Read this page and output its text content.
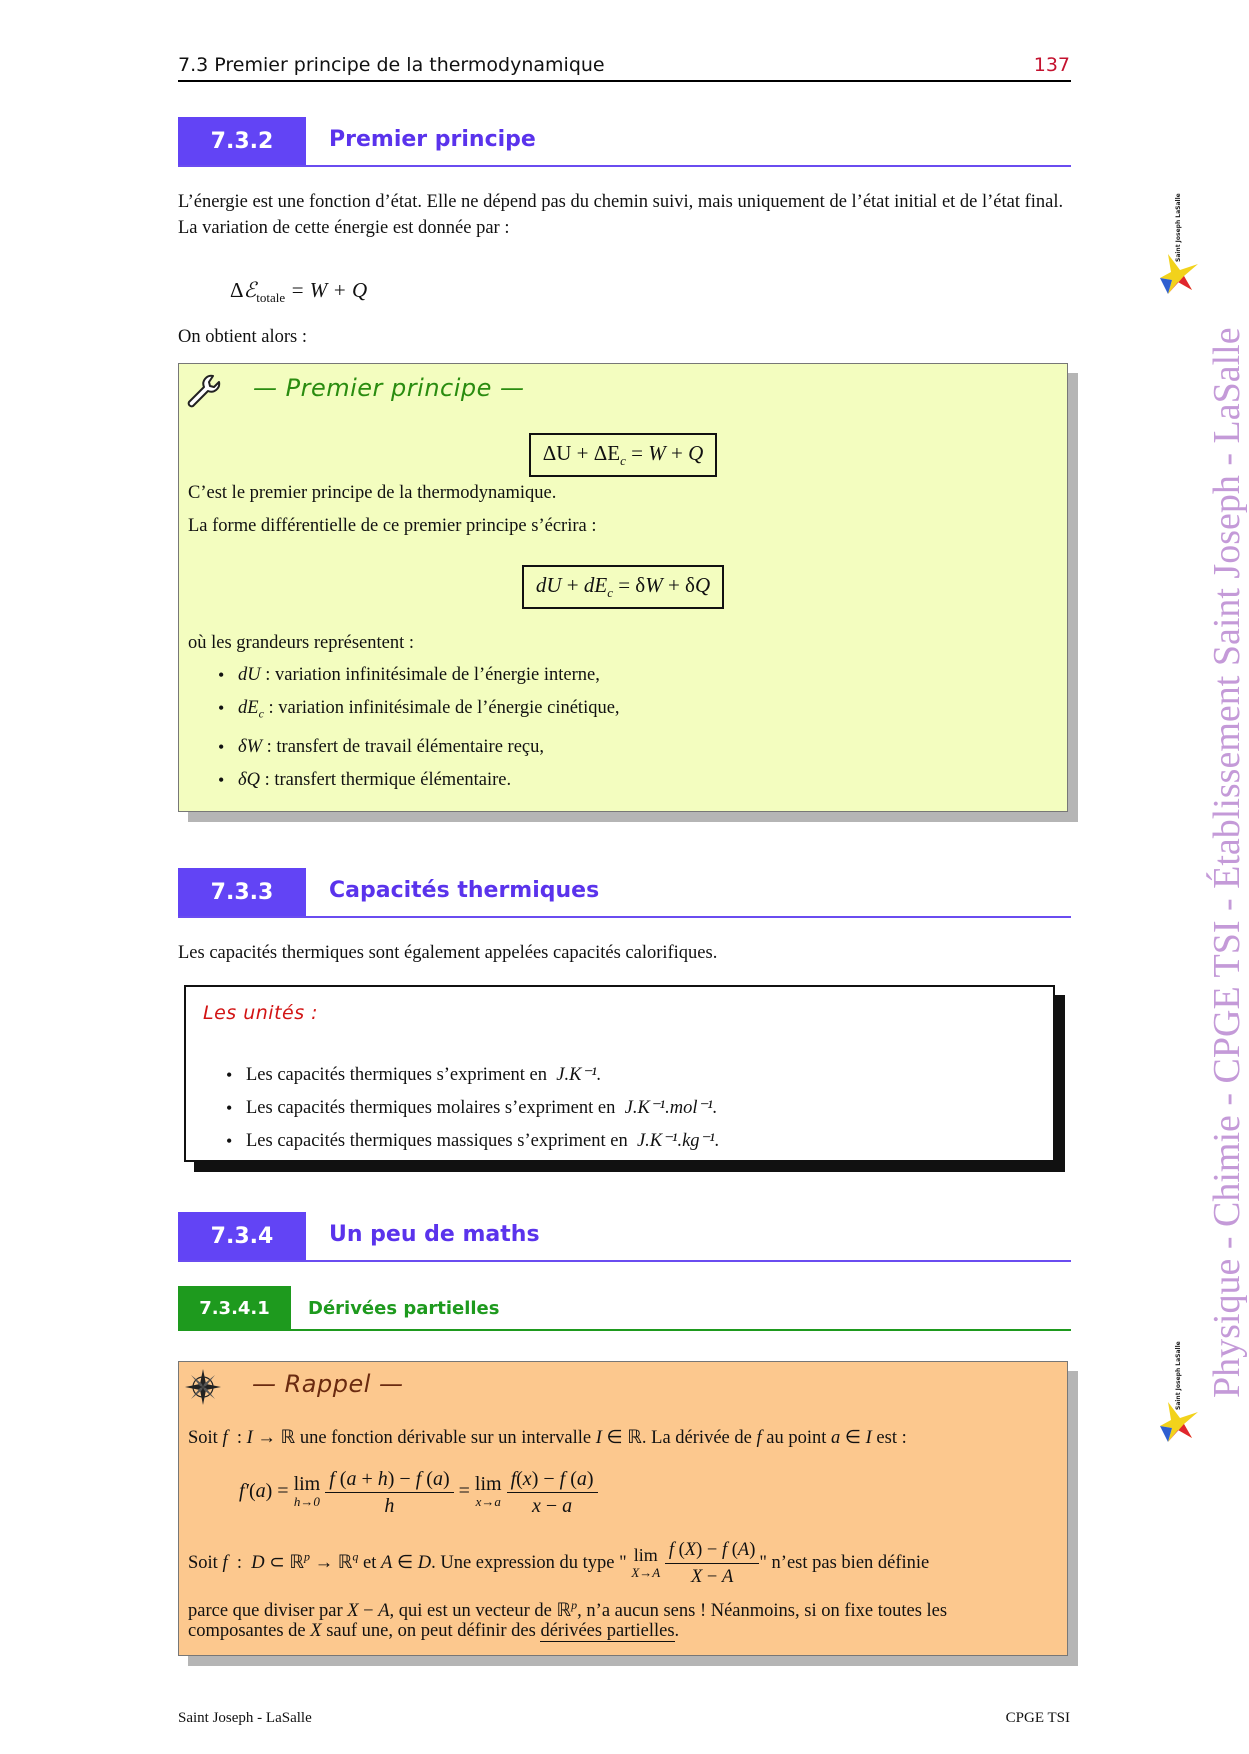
7.3 Premier principe de la thermodynamique	137
7.3.2	Premier principe

L’énergie est une fonction d’état. Elle ne dépend pas du chemin suivi, mais uniquement de l’état initial et de l’état final.

La variation de cette énergie est donnée par :

Δℰ$_{totale}$ = W + Q
On obtient alors :
— Premier principe —
$\Delta U + \Delta E_c = W + Q$
C’est le premier principe de la thermodynamique.
La forme différentielle de ce premier principe s’écrira :
dU + $dE_c = \delta W + \delta Q$
où les grandeurs représentent :
• dU : variation infinitésimale de l’énergie interne,
• $dE_c$ : variation infinitésimale de l’énergie cinétique,
• δW : transfert de travail élémentaire reçu,
• δQ : transfert thermique élémentaire.
7.3.3	Capacités thermiques
Les capacités thermiques sont également appelées capacités calorifiques.
Les unités :
• Les capacités thermiques s’expriment en J.K⁻¹.
• Les capacités thermiques molaires s’expriment en J.K⁻¹.mol⁻¹.
• Les capacités thermiques massiques s’expriment en J.K⁻¹.kg⁻¹.
7.3.4	Un peu de maths
7.3.4.1	Dérivées partielles
— Rappel —
Soit f  : I → ℝ une fonction dérivable sur un intervalle I ∈ ℝ. La dérivée de f au point a ∈ I est :
f′(a) = lim
h→0
$\frac{f (a + h) - f (a)}{h} = \lim$
x→a
$\frac{f(x) - f (a)}{x - a}$
Soit f  :  D ⊂ ℝ$^p$ → ℝ$^q$ et A ∈ D. Une expression du type " lim
X→A
$\frac{f (X) - f (A)}{X - A}$ " n’est pas bien définie
parce que diviser par X − A, qui est un vecteur de ℝ$^p$, n’a aucun sens ! Néanmoins, si on fixe toutes les
composantes de X sauf une, on peut définir des dérivées partielles.
Physique - Chimie - CPGE TSI - Établissement Saint Joseph - LaSalle
Saint Joseph LaSalle
Saint Joseph LaSalle
Saint Joseph - LaSalle	CPGE TSI
